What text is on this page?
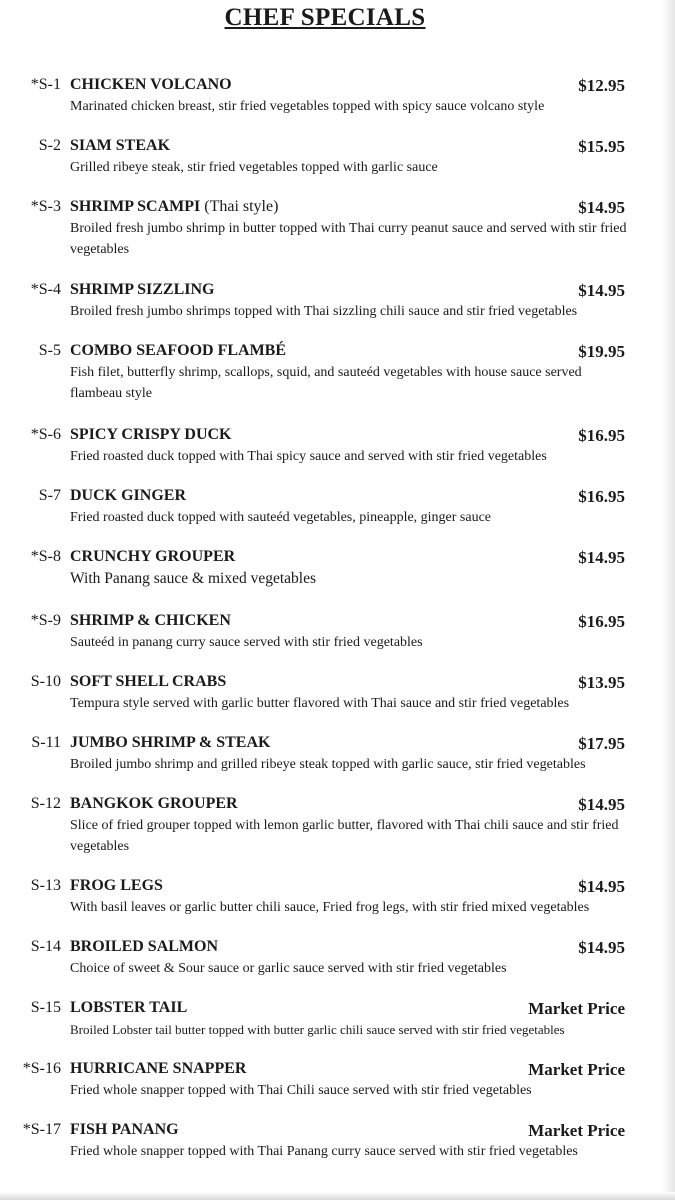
CHEF SPECIALS
*S-1 CHICKEN VOLCANO	$12.95
Marinated chicken breast, stir fried vegetables topped with spicy sauce volcano style
S-2 SIAM STEAK	$15.95
Grilled ribeye steak, stir fried vegetables topped with garlic sauce
*S-3 SHRIMP SCAMPI (Thai style)	$14.95
Broiled fresh jumbo shrimp in butter topped with Thai curry peanut sauce and served with stir fried vegetables
*S-4 SHRIMP SIZZLING	$14.95
Broiled fresh jumbo shrimps topped with Thai sizzling chili sauce and stir fried vegetables
S-5 COMBO SEAFOOD FLAMBÉ	$19.95
Fish filet, butterfly shrimp, scallops, squid, and sauteéd vegetables with house sauce served flambeau style
*S-6 SPICY CRISPY DUCK	$16.95
Fried roasted duck topped with Thai spicy sauce and served with stir fried vegetables
S-7 DUCK GINGER	$16.95
Fried roasted duck topped with sauteéd vegetables, pineapple, ginger sauce
*S-8 CRUNCHY GROUPER	$14.95
With Panang sauce & mixed vegetables
*S-9 SHRIMP & CHICKEN	$16.95
Sauteéd in panang curry sauce served with stir fried vegetables
S-10 SOFT SHELL CRABS	$13.95
Tempura style served with garlic butter flavored with Thai sauce and stir fried vegetables
S-11 JUMBO SHRIMP & STEAK	$17.95
Broiled jumbo shrimp and grilled ribeye steak topped with garlic sauce, stir fried vegetables
S-12 BANGKOK GROUPER	$14.95
Slice of fried grouper topped with lemon garlic butter, flavored with Thai chili sauce and stir fried vegetables
S-13 FROG LEGS	$14.95
With basil leaves or garlic butter chili sauce, Fried frog legs, with stir fried mixed vegetables
S-14 BROILED SALMON	$14.95
Choice of sweet & Sour sauce or garlic sauce served with stir fried vegetables
S-15 LOBSTER TAIL	Market Price
Broiled Lobster tail butter topped with butter garlic chili sauce served with stir fried vegetables
*S-16 HURRICANE SNAPPER	Market Price
Fried whole snapper topped with Thai Chili sauce served with stir fried vegetables
*S-17 FISH PANANG	Market Price
Fried whole snapper topped with Thai Panang curry sauce served with stir fried vegetables
